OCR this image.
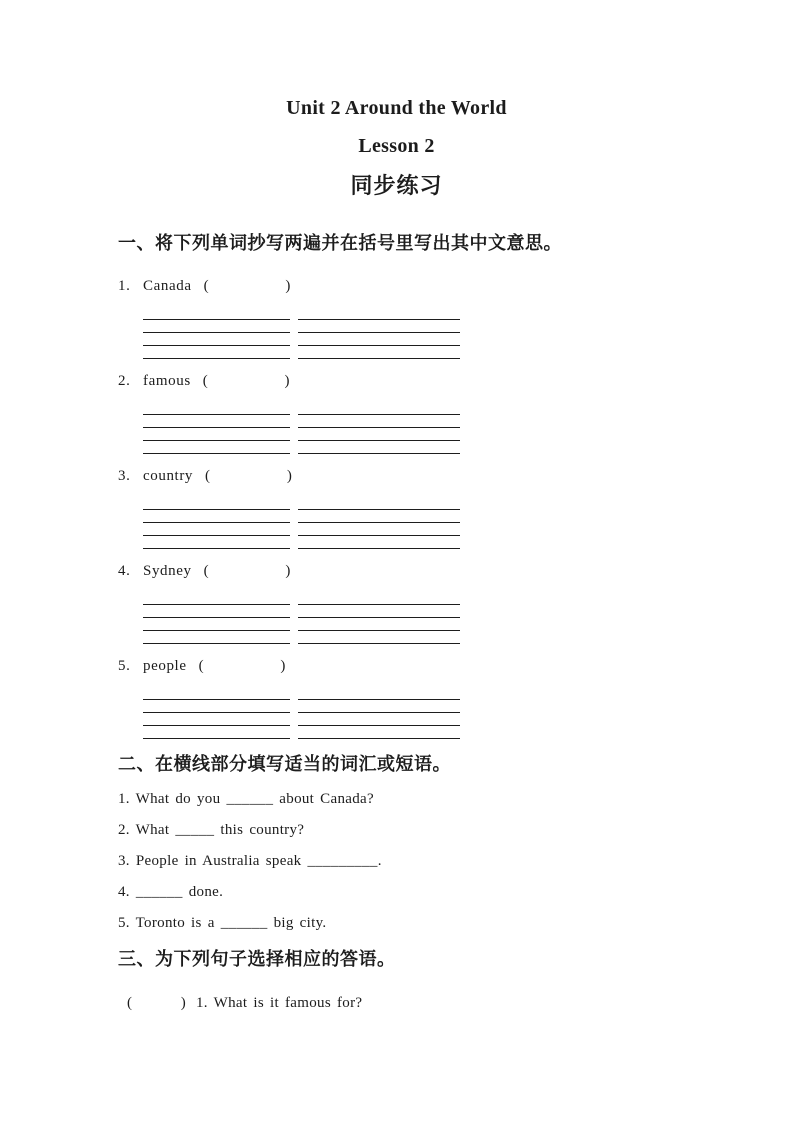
Unit 2 Around the World
Lesson 2
同步练习
一、将下列单词抄写两遍并在括号里写出其中文意思。
1. Canada (            )
2. famous (            )
3. country (            )
4. Sydney (            )
5. people (            )
二、在横线部分填写适当的词汇或短语。

1. What do you ______ about Canada?

2. What _____ this country?

3. People in Australia speak _________.

4. ______ done.

5. Toronto is a ______ big city.

三、为下列句子选择相应的答语。

(        ) 1. What is it famous for?
